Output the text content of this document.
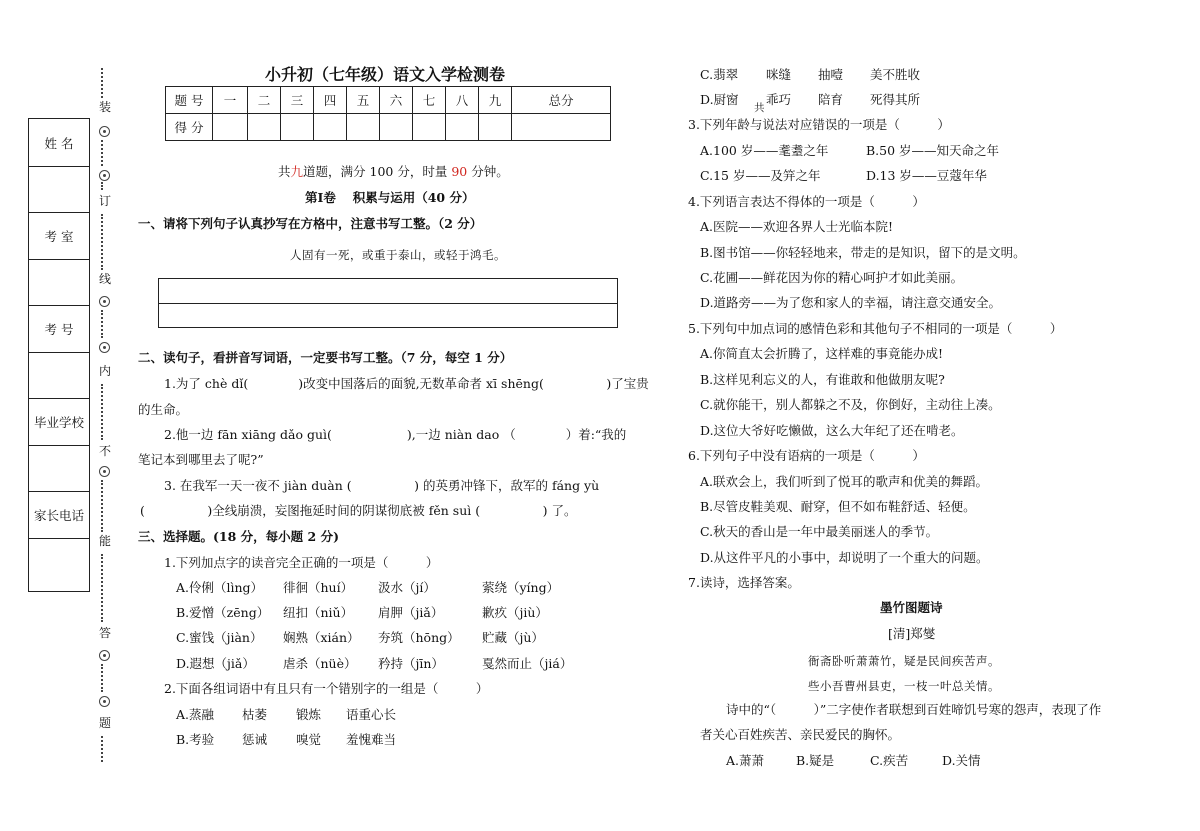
姓 名
考 室
考 号
毕业学校
家长电话
装
订
线
内
不
能
答
题
小升初（七年级）语文入学检测卷
题 号	一	二	三	四	五	六	七	八	九	总分
得 分										
共九道题，满分 100 分，时量 90 分钟。
第Ⅰ卷　 积累与运用（40 分）
一、请将下列句子认真抄写在方格中，注意书写工整。（2 分）
人固有一死，或重于泰山，或轻于鸿毛。
二、读句子，看拼音写词语，一定要书写工整。（7 分，每空 1 分）
1.为了 chè dǐ(　　　　)改变中国落后的面貌,无数革命者 xī shēng(　　　　　)了宝贵
的生命。
2.他一边 fān xiāng dǎo guì(　　　　　　),一边 niàn dao （　　　　）着:“我的
笔记本到哪里去了呢?”
3. 在我军一天一夜不 jiàn duàn (　　　　　) 的英勇冲锋下，敌军的 fáng yù
(　　　　　)全线崩溃，妄图拖延时间的阴谋彻底被 fěn suì (　　　　　) 了。
三、选择题。(18 分，每小题 2 分)
1.下列加点字的读音完全正确的一项是（　　　）
A.伶俐（lìng） 徘徊（huí） 汲水（jí）	萦绕（yíng）
B.爱憎（zēng） 纽扣（niǔ） 肩胛（jiǎ）	歉疚（jiù）
C.蜜饯（jiàn） 娴熟（xián） 夯筑（hōng） 贮藏（jù）
D.遐想（jiǎ） 虐杀（nüè） 矜持（jīn）	戛然而止（jiá）
2.下面各组词语中有且只有一个错别字的一组是（　　　）
A.蒸融 枯萎 锻炼 语重心长
B.考验 惩诫 嗅觉 羞愧难当
C.翡翠 咪缝 抽噎 美不胜收
D.厨窗 乖巧 陪育 死得其所
共
3.下列年龄与说法对应错误的一项是（　　　）
A.100 岁——耄耋之年	B.50 岁——知天命之年
C.15 岁——及笄之年	D.13 岁——豆蔻年华
4.下列语言表达不得体的一项是（　　　）
A.医院——欢迎各界人士光临本院!
B.图书馆——你轻轻地来，带走的是知识，留下的是文明。
C.花圃——鲜花因为你的精心呵护才如此美丽。
D.道路旁——为了您和家人的幸福，请注意交通安全。
5.下列句中加点词的感情色彩和其他句子不相同的一项是（　　　）
A.你简直太会折腾了，这样难的事竟能办成!
B.这样见利忘义的人，有谁敢和他做朋友呢?
C.就你能干，别人都躲之不及，你倒好，主动往上凑。
D.这位大爷好吃懒做，这么大年纪了还在啃老。
6.下列句子中没有语病的一项是（　　　）
A.联欢会上，我们听到了悦耳的歌声和优美的舞蹈。
B.尽管皮鞋美观、耐穿，但不如布鞋舒适、轻便。
C.秋天的香山是一年中最美丽迷人的季节。
D.从这件平凡的小事中，却说明了一个重大的问题。
7.读诗，选择答案。
墨竹图题诗
[清]郑燮
衙斋卧听萧萧竹，疑是民间疾苦声。
些小吾曹州县吏，一枝一叶总关情。
诗中的“（　　　）”二字使作者联想到百姓啼饥号寒的怨声，表现了作
者关心百姓疾苦、亲民爱民的胸怀。
A.萧萧	B.疑是	C.疾苦	D.关情
